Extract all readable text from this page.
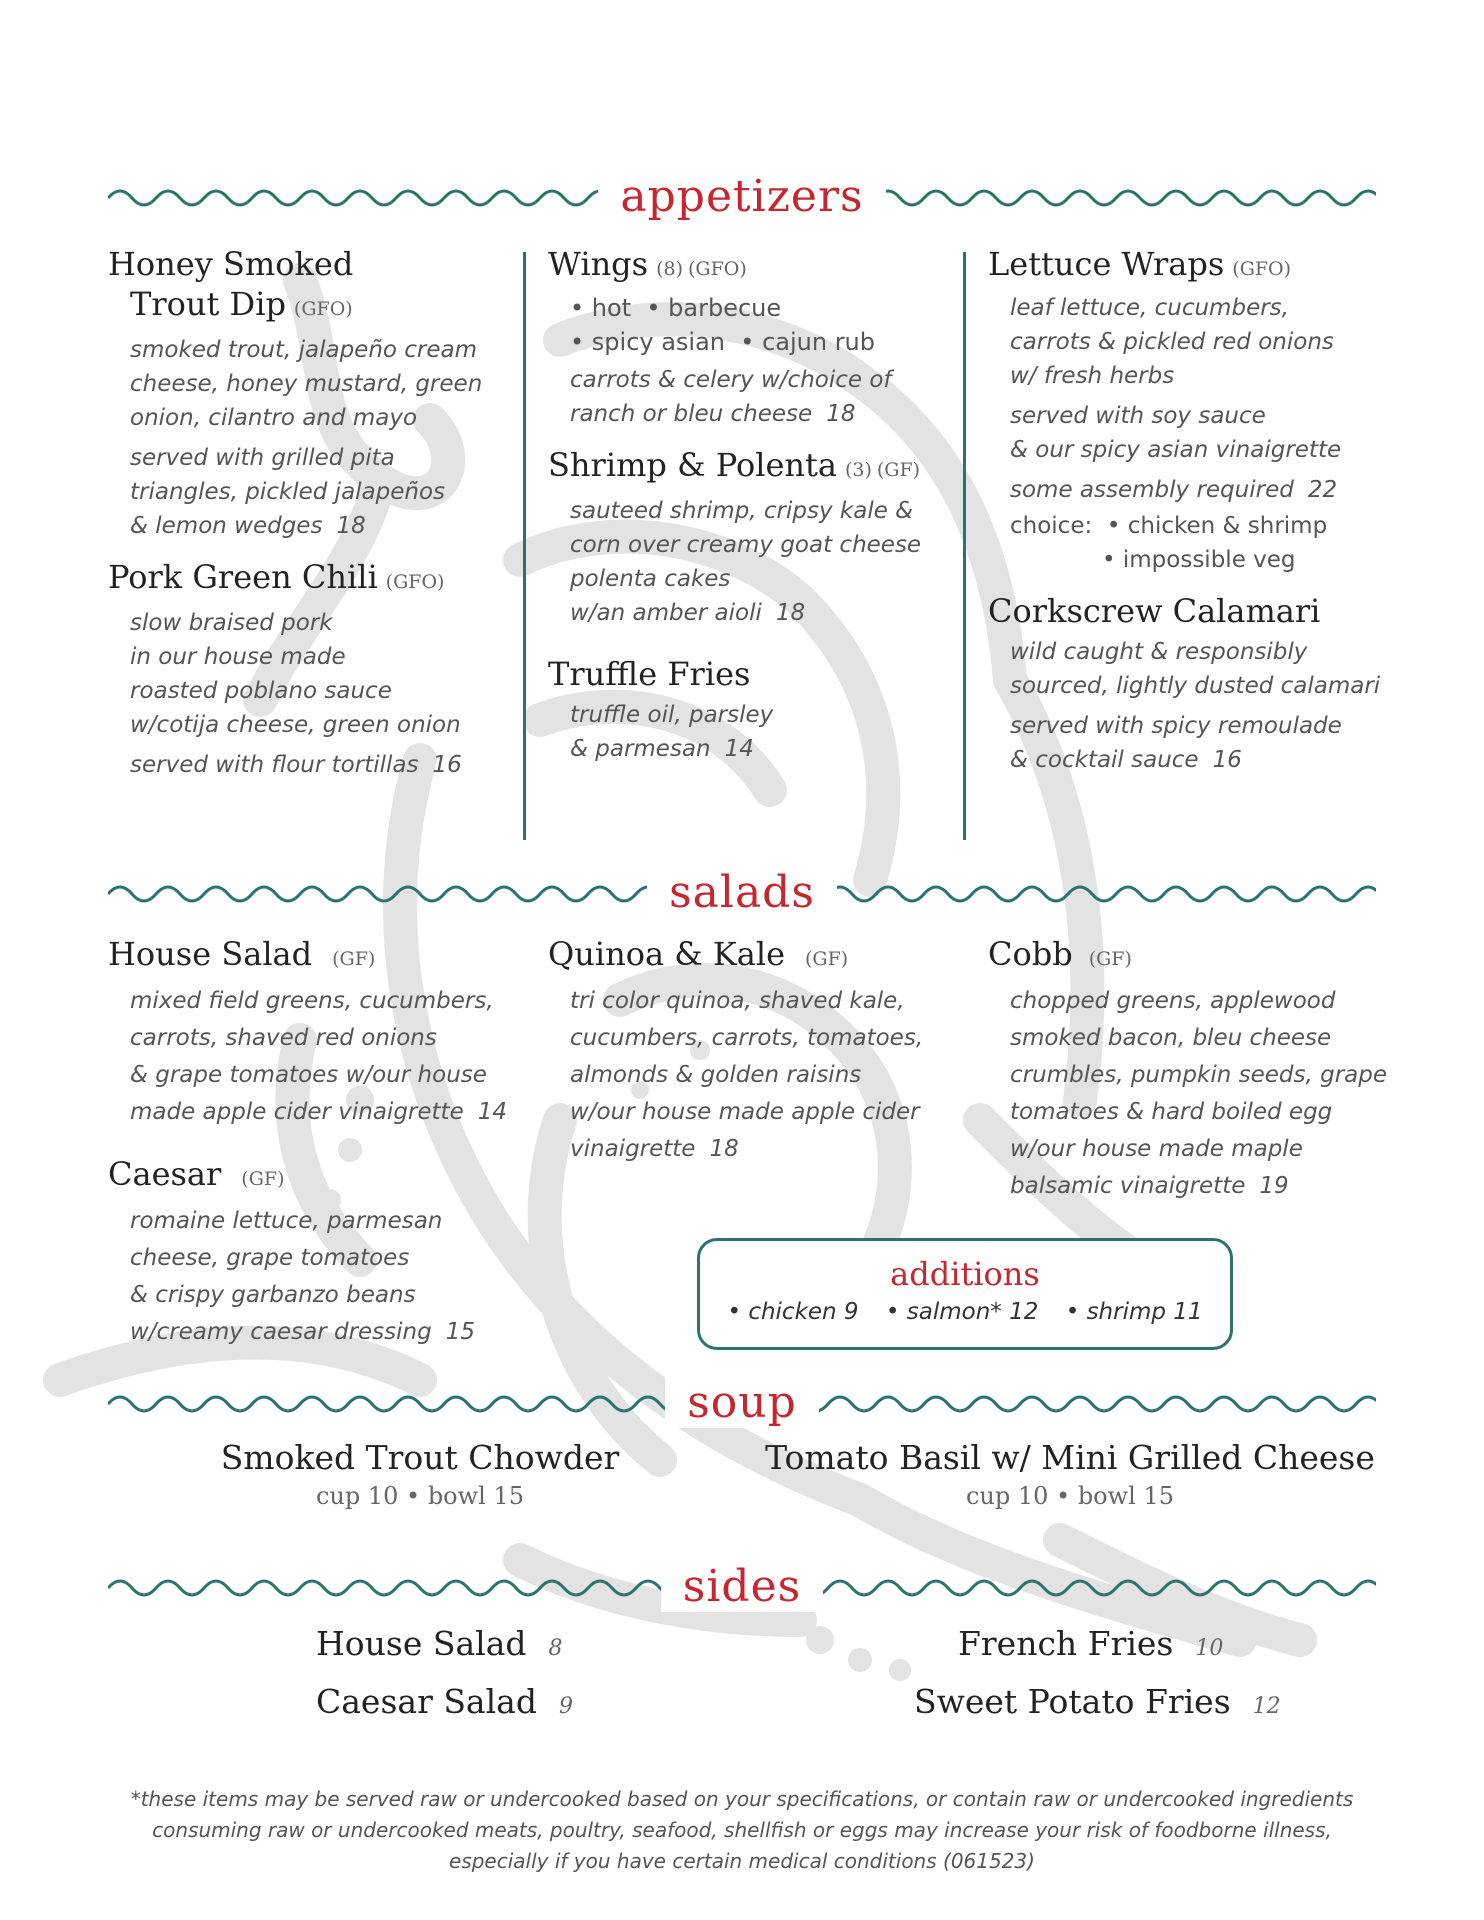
appetizers
Honey Smoked
Trout Dip (GFO)
smoked trout, jalapeño cream
cheese, honey mustard, green
onion, cilantro and mayo
served with grilled pita
triangles, pickled jalapeños
& lemon wedges 18
Pork Green Chili (GFO)
slow braised pork
in our house made
roasted poblano sauce
w/cotija cheese, green onion
served with flour tortillas 16
Wings (8) (GFO)
• hot • barbecue
• spicy asian • cajun rub
carrots & celery w/choice of
ranch or bleu cheese 18
Shrimp & Polenta (3) (GF)
sauteed shrimp, cripsy kale &
corn over creamy goat cheese
polenta cakes
w/an amber aioli 18
Truffle Fries
truffle oil, parsley
& parmesan 14
Lettuce Wraps (GFO)
leaf lettuce, cucumbers,
carrots & pickled red onions
w/ fresh herbs
served with soy sauce
& our spicy asian vinaigrette
some assembly required 22
choice: • chicken & shrimp
• impossible veg
Corkscrew Calamari
wild caught & responsibly
sourced, lightly dusted calamari
served with spicy remoulade
& cocktail sauce 16
salads
House Salad (GF)
mixed field greens, cucumbers,
carrots, shaved red onions
& grape tomatoes w/our house
made apple cider vinaigrette 14
Quinoa & Kale (GF)
tri color quinoa, shaved kale,
cucumbers, carrots, tomatoes,
almonds & golden raisins
w/our house made apple cider
vinaigrette 18
Cobb (GF)
chopped greens, applewood
smoked bacon, bleu cheese
crumbles, pumpkin seeds, grape
tomatoes & hard boiled egg
w/our house made maple
balsamic vinaigrette 19
Caesar (GF)
romaine lettuce, parmesan
cheese, grape tomatoes
& crispy garbanzo beans
w/creamy caesar dressing 15
additions
• chicken 9 • salmon* 12 • shrimp 11
soup
Smoked Trout Chowder
cup 10 • bowl 15
Tomato Basil w/ Mini Grilled Cheese
cup 10 • bowl 15
sides
House Salad 8
Caesar Salad 9
French Fries 10
Sweet Potato Fries 12
*these items may be served raw or undercooked based on your specifications, or contain raw or undercooked ingredients
consuming raw or undercooked meats, poultry, seafood, shellfish or eggs may increase your risk of foodborne illness,
especially if you have certain medical conditions (061523)
